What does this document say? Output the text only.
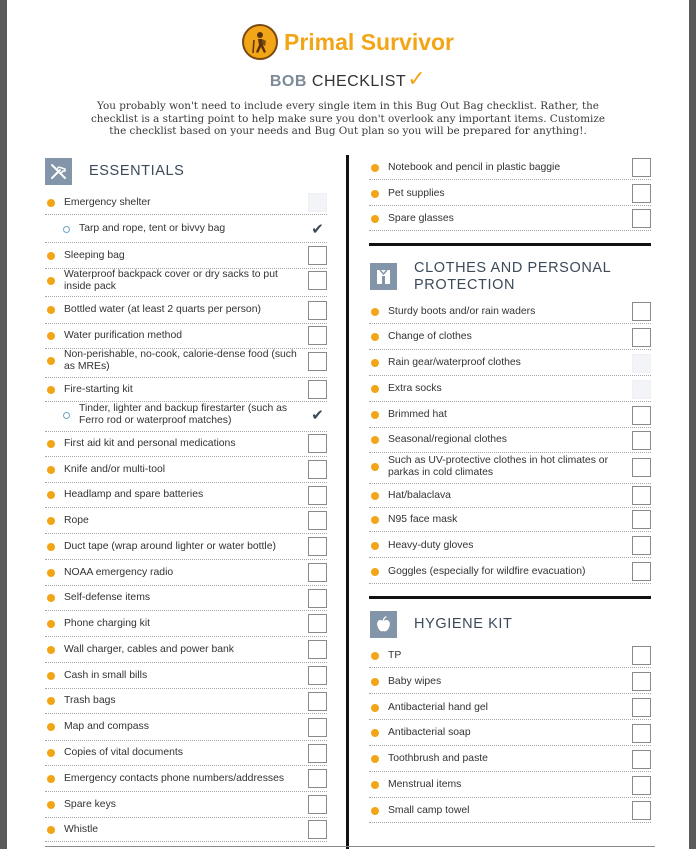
Primal Survivor
BOB CHECKLIST✓
You probably won't need to include every single item in this Bug Out Bag checklist. Rather, the checklist is a starting point to help make sure you don't overlook any important items. Customize the checklist based on your needs and Bug Out plan so you will be prepared for anything!.
ESSENTIALS
Emergency shelter
Tarp and rope, tent or bivvy bag	✔
Sleeping bag
Waterproof backpack cover or dry sacks to put inside pack
Bottled water (at least 2 quarts per person)
Water purification method
Non-perishable, no-cook, calorie-dense food (such as MREs)
Fire-starting kit
Tinder, lighter and backup firestarter (such as Ferro rod or waterproof matches)	✔
First aid kit and personal medications
Knife and/or multi-tool
Headlamp and spare batteries
Rope
Duct tape (wrap around lighter or water bottle)
NOAA emergency radio
Self-defense items
Phone charging kit
Wall charger, cables and power bank
Cash in small bills
Trash bags
Map and compass
Copies of vital documents
Emergency contacts phone numbers/addresses
Spare keys
Whistle
Notebook and pencil in plastic baggie
Pet supplies
Spare glasses
CLOTHES AND PERSONAL
PROTECTION
Sturdy boots and/or rain waders
Change of clothes
Rain gear/waterproof clothes
Extra socks
Brimmed hat
Seasonal/regional clothes
Such as UV-protective clothes in hot climates or parkas in cold climates
Hat/balaclava
N95 face mask
Heavy-duty gloves
Goggles (especially for wildfire evacuation)
HYGIENE KIT
TP
Baby wipes
Antibacterial hand gel
Antibacterial soap
Toothbrush and paste
Menstrual items
Small camp towel
